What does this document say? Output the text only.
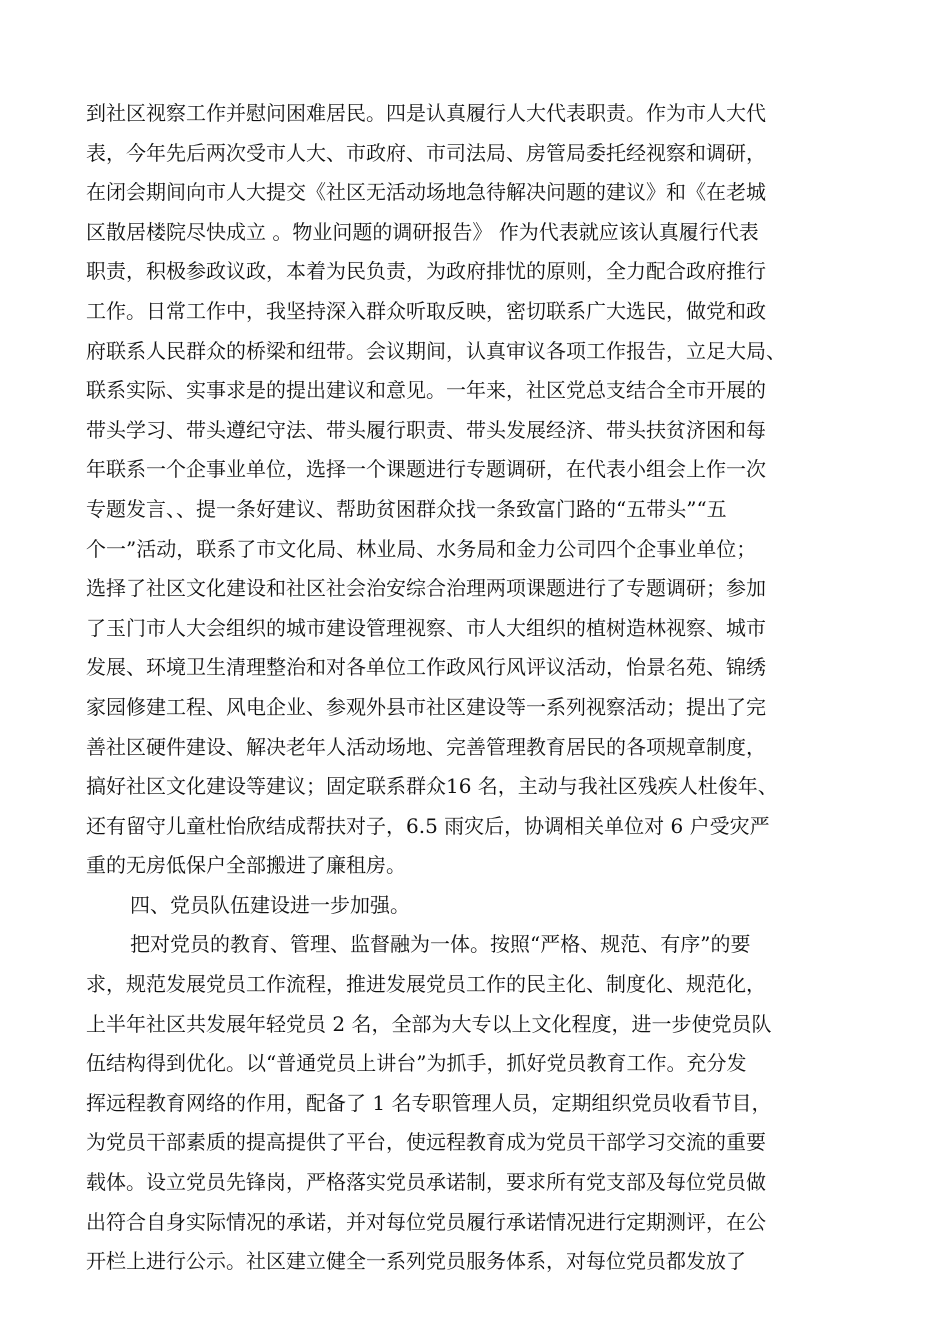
到社区视察工作并慰问困难居民。四是认真履行人大代表职责。作为市人大代
表，今年先后两次受市人大、市政府、市司法局、房管局委托经视察和调研，
在闭会期间向市人大提交《社区无活动场地急待解决问题的建议》和《在老城
区散居楼院尽快成立 。物业问题的调研报告》 作为代表就应该认真履行代表
职责，积极参政议政，本着为民负责，为政府排忧的原则，全力配合政府推行
工作。日常工作中，我坚持深入群众听取反映，密切联系广大选民，做党和政
府联系人民群众的桥梁和纽带。会议期间，认真审议各项工作报告，立足大局、
联系实际、实事求是的提出建议和意见。一年来，社区党总支结合全市开展的
带头学习、带头遵纪守法、带头履行职责、带头发展经济、带头扶贫济困和每
年联系一个企事业单位，选择一个课题进行专题调研，在代表小组会上作一次
专题发言、、提一条好建议、帮助贫困群众找一条致富门路的“五带头”“五
个一”活动，联系了市文化局、林业局、水务局和金力公司四个企事业单位；
选择了社区文化建设和社区社会治安综合治理两项课题进行了专题调研；参加
了玉门市人大会组织的城市建设管理视察、市人大组织的植树造林视察、城市
发展、环境卫生清理整治和对各单位工作政风行风评议活动，怡景名苑、锦绣
家园修建工程、风电企业、参观外县市社区建设等一系列视察活动；提出了完
善社区硬件建设、解决老年人活动场地、完善管理教育居民的各项规章制度，
搞好社区文化建设等建议；固定联系群众16 名，主动与我社区残疾人杜俊年、
还有留守儿童杜怡欣结成帮扶对子，6.5 雨灾后，协调相关单位对 6 户受灾严
重的无房低保户全部搬进了廉租房。
四、党员队伍建设进一步加强。
把对党员的教育、管理、监督融为一体。按照“严格、规范、有序”的要
求，规范发展党员工作流程，推进发展党员工作的民主化、制度化、规范化，
上半年社区共发展年轻党员 2 名，全部为大专以上文化程度，进一步使党员队
伍结构得到优化。以“普通党员上讲台”为抓手，抓好党员教育工作。充分发
挥远程教育网络的作用，配备了 1 名专职管理人员，定期组织党员收看节目，
为党员干部素质的提高提供了平台，使远程教育成为党员干部学习交流的重要
载体。设立党员先锋岗，严格落实党员承诺制，要求所有党支部及每位党员做
出符合自身实际情况的承诺，并对每位党员履行承诺情况进行定期测评，在公
开栏上进行公示。社区建立健全一系列党员服务体系，对每位党员都发放了
